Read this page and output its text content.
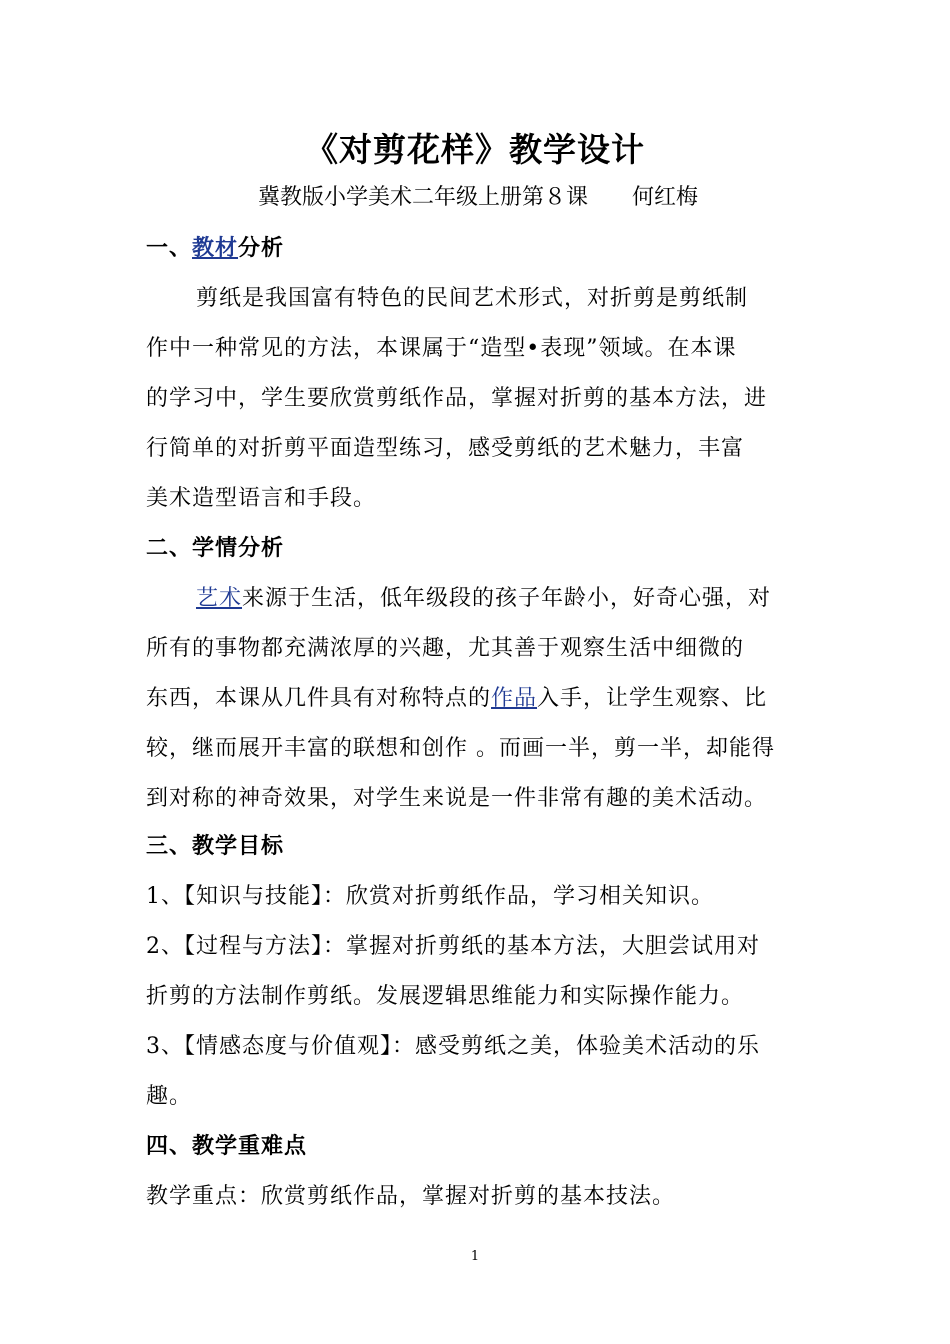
《对剪花样》教学设计
冀教版小学美术二年级上册第８课　　何红梅
一、教材分析
剪纸是我国富有特色的民间艺术形式，对折剪是剪纸制
作中一种常见的方法，本课属于“造型•表现”领域。在本课
的学习中，学生要欣赏剪纸作品，掌握对折剪的基本方法，进
行简单的对折剪平面造型练习，感受剪纸的艺术魅力，丰富
美术造型语言和手段。
二、学情分析
艺术来源于生活，低年级段的孩子年龄小，好奇心强，对
所有的事物都充满浓厚的兴趣，尤其善于观察生活中细微的
东西，本课从几件具有对称特点的作品入手，让学生观察、比
较，继而展开丰富的联想和创作 。而画一半，剪一半，却能得
到对称的神奇效果，对学生来说是一件非常有趣的美术活动。
三、教学目标
1、【知识与技能】：欣赏对折剪纸作品，学习相关知识。
2、【过程与方法】：掌握对折剪纸的基本方法，大胆尝试用对
折剪的方法制作剪纸。发展逻辑思维能力和实际操作能力。
3、【情感态度与价值观】：感受剪纸之美，体验美术活动的乐
趣。
四、教学重难点
教学重点：欣赏剪纸作品，掌握对折剪的基本技法。
1
